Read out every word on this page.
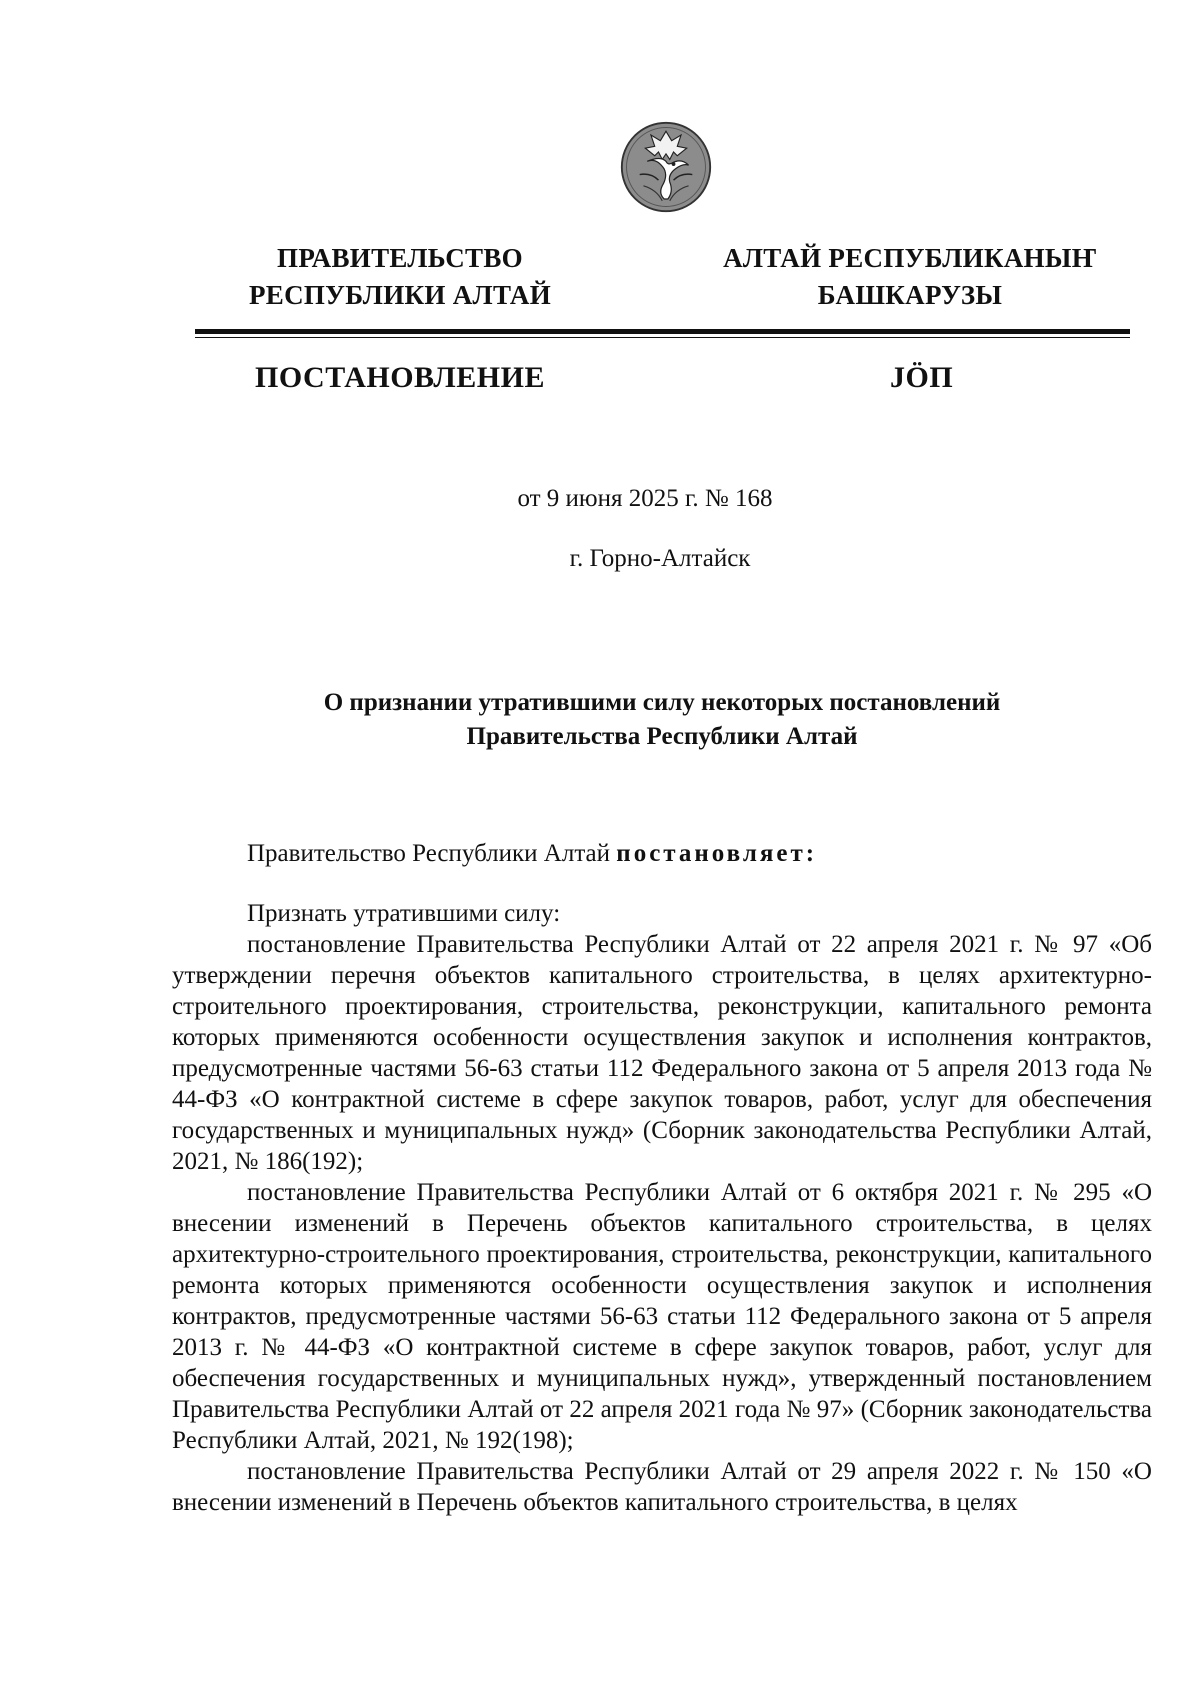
ПРАВИТЕЛЬСТВО
РЕСПУБЛИКИ АЛТАЙ
АЛТАЙ РЕСПУБЛИКАНЫҤ
БАШКАРУЗЫ
ПОСТАНОВЛЕНИЕ	JӦП
от 9 июня 2025 г. № 168
г. Горно-Алтайск
О признании утратившими силу некоторых постановлений
Правительства Республики Алтай
Правительство Республики Алтай постановляет:
Признать утратившими силу:

постановление Правительства Республики Алтай от 22 апреля 2021 г. № 97 «Об утверждении перечня объектов капитального строительства, в целях архитектурно-строительного проектирования, строительства, реконструкции, капитального ремонта которых применяются особенности осуществления закупок и исполнения контрактов, предусмотренные частями 56-63 статьи 112 Федерального закона от 5 апреля 2013 года № 44-ФЗ «О контрактной системе в сфере закупок товаров, работ, услуг для обеспечения государственных и муниципальных нужд» (Сборник законодательства Республики Алтай, 2021, № 186(192);

постановление Правительства Республики Алтай от 6 октября 2021 г. № 295 «О внесении изменений в Перечень объектов капитального строительства, в целях архитектурно-строительного проектирования, строительства, реконструкции, капитального ремонта которых применяются особенности осуществления закупок и исполнения контрактов, предусмотренные частями 56-63 статьи 112 Федерального закона от 5 апреля 2013 г. № 44-ФЗ «О контрактной системе в сфере закупок товаров, работ, услуг для обеспечения государственных и муниципальных нужд», утвержденный постановлением Правительства Республики Алтай от 22 апреля 2021 года № 97» (Сборник законодательства Республики Алтай, 2021, № 192(198);

постановление Правительства Республики Алтай от 29 апреля 2022 г. № 150 «О внесении изменений в Перечень объектов капитального строительства, в целях
